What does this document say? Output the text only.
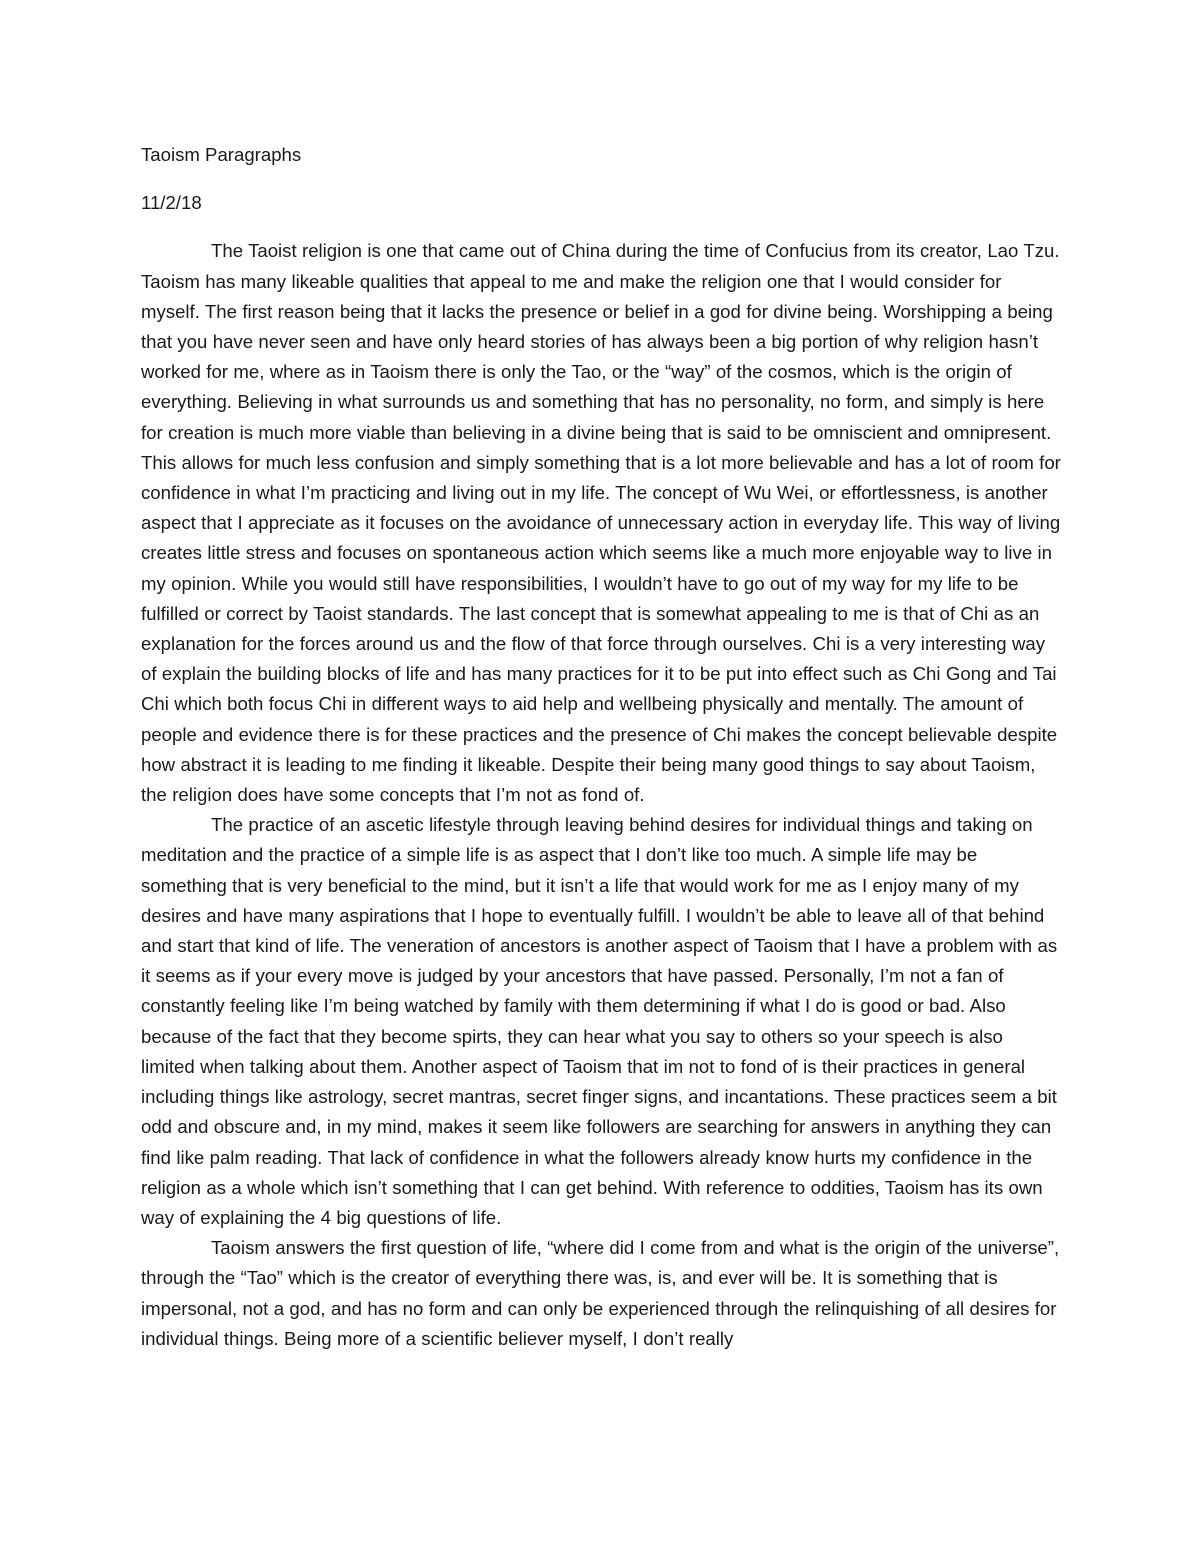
Taoism Paragraphs
11/2/18

The Taoist religion is one that came out of China during the time of Confucius from its creator, Lao Tzu. Taoism has many likeable qualities that appeal to me and make the religion one that I would consider for myself. The first reason being that it lacks the presence or belief in a god for divine being. Worshipping a being that you have never seen and have only heard stories of has always been a big portion of why religion hasn’t worked for me, where as in Taoism there is only the Tao, or the “way” of the cosmos, which is the origin of everything. Believing in what surrounds us and something that has no personality, no form, and simply is here for creation is much more viable than believing in a divine being that is said to be omniscient and omnipresent. This allows for much less confusion and simply something that is a lot more believable and has a lot of room for confidence in what I’m practicing and living out in my life. The concept of Wu Wei, or effortlessness, is another aspect that I appreciate as it focuses on the avoidance of unnecessary action in everyday life. This way of living creates little stress and focuses on spontaneous action which seems like a much more enjoyable way to live in my opinion. While you would still have responsibilities, I wouldn’t have to go out of my way for my life to be fulfilled or correct by Taoist standards. The last concept that is somewhat appealing to me is that of Chi as an explanation for the forces around us and the flow of that force through ourselves. Chi is a very interesting way of explain the building blocks of life and has many practices for it to be put into effect such as Chi Gong and Tai Chi which both focus Chi in different ways to aid help and wellbeing physically and mentally. The amount of people and evidence there is for these practices and the presence of Chi makes the concept believable despite how abstract it is leading to me finding it likeable. Despite their being many good things to say about Taoism, the religion does have some concepts that I’m not as fond of.

The practice of an ascetic lifestyle through leaving behind desires for individual things and taking on meditation and the practice of a simple life is as aspect that I don’t like too much. A simple life may be something that is very beneficial to the mind, but it isn’t a life that would work for me as I enjoy many of my desires and have many aspirations that I hope to eventually fulfill. I wouldn’t be able to leave all of that behind and start that kind of life. The veneration of ancestors is another aspect of Taoism that I have a problem with as it seems as if your every move is judged by your ancestors that have passed. Personally, I’m not a fan of constantly feeling like I’m being watched by family with them determining if what I do is good or bad. Also because of the fact that they become spirts, they can hear what you say to others so your speech is also limited when talking about them. Another aspect of Taoism that im not to fond of is their practices in general including things like astrology, secret mantras, secret finger signs, and incantations. These practices seem a bit odd and obscure and, in my mind, makes it seem like followers are searching for answers in anything they can find like palm reading. That lack of confidence in what the followers already know hurts my confidence in the religion as a whole which isn’t something that I can get behind. With reference to oddities, Taoism has its own way of explaining the 4 big questions of life.

Taoism answers the first question of life, “where did I come from and what is the origin of the universe”, through the “Tao” which is the creator of everything there was, is, and ever will be. It is something that is impersonal, not a god, and has no form and can only be experienced through the relinquishing of all desires for individual things. Being more of a scientific believer myself, I don’t really
